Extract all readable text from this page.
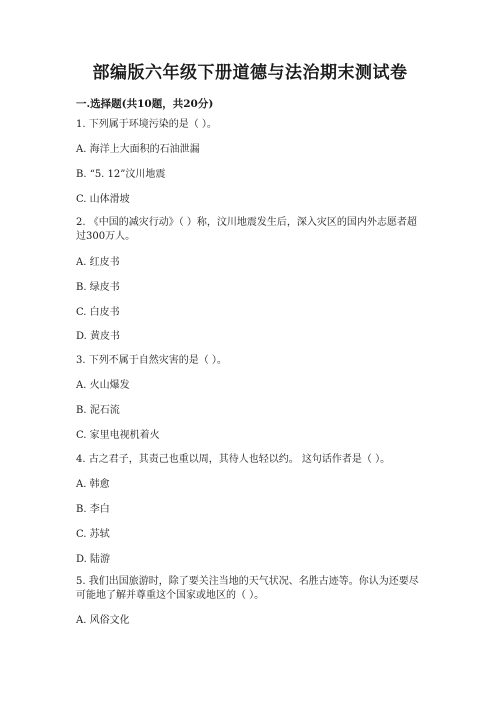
部编版六年级下册道德与法治期末测试卷
一.选择题(共10题，共20分)
1. 下列属于环境污染的是（ ）。
A. 海洋上大面积的石油泄漏
B. “5. 12”汶川地震
C. 山体滑坡
2. 《中国的减灾行动》（ ）称，汶川地震发生后，深入灾区的国内外志愿者超过300万人。
A. 红皮书
B. 绿皮书
C. 白皮书
D. 黄皮书
3. 下列不属于自然灾害的是（ ）。
A. 火山爆发
B. 泥石流
C. 家里电视机着火
4. 古之君子，其责己也重以周，其待人也轻以约。 这句话作者是（ ）。
A. 韩愈
B. 李白
C. 苏轼
D. 陆游
5. 我们出国旅游时，除了要关注当地的天气状况、名胜古迹等。你认为还要尽可能地了解并尊重这个国家或地区的（ ）。
A. 风俗文化
